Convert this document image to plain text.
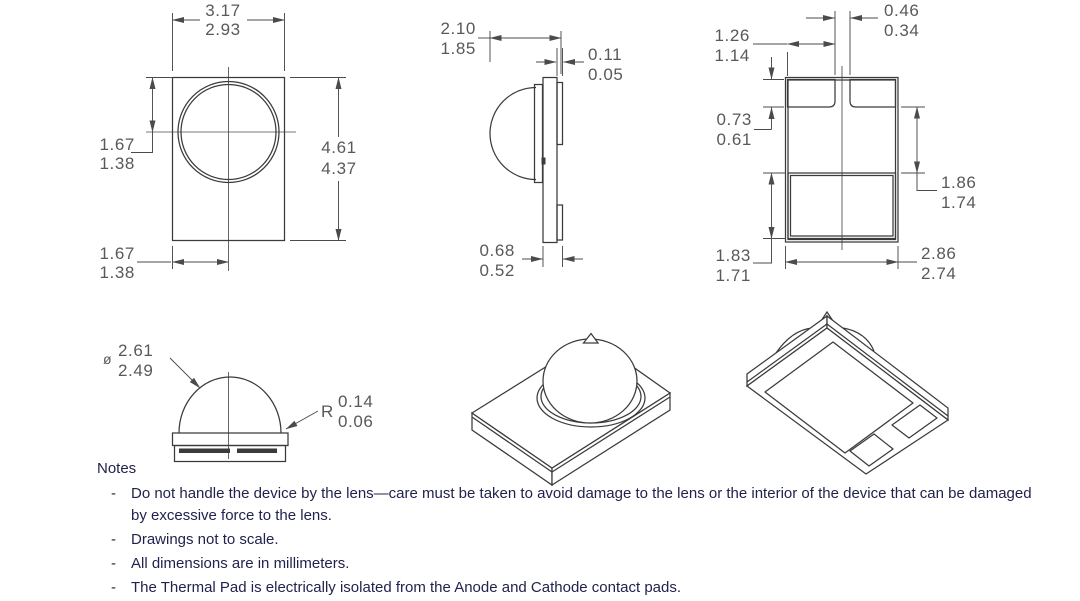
3.17
2.93
1.67
1.38
4.61
4.37
1.67
1.38
2.10
1.85	0.11
0.05
0.68
0.52
0.46
0.34
1.26
1.14
0.73
0.61
1.86
1.74
1.83
1.71
2.86
2.74
ø 2.61
2.49
R
0.14
0.06

Notes

-	Do not handle the device by the lens—care must be taken to avoid damage to the lens or the interior of the device that can be damaged by excessive force to the lens.
-	Drawings not to scale.
-	All dimensions are in millimeters.
-	The Thermal Pad is electrically isolated from the Anode and Cathode contact pads.
